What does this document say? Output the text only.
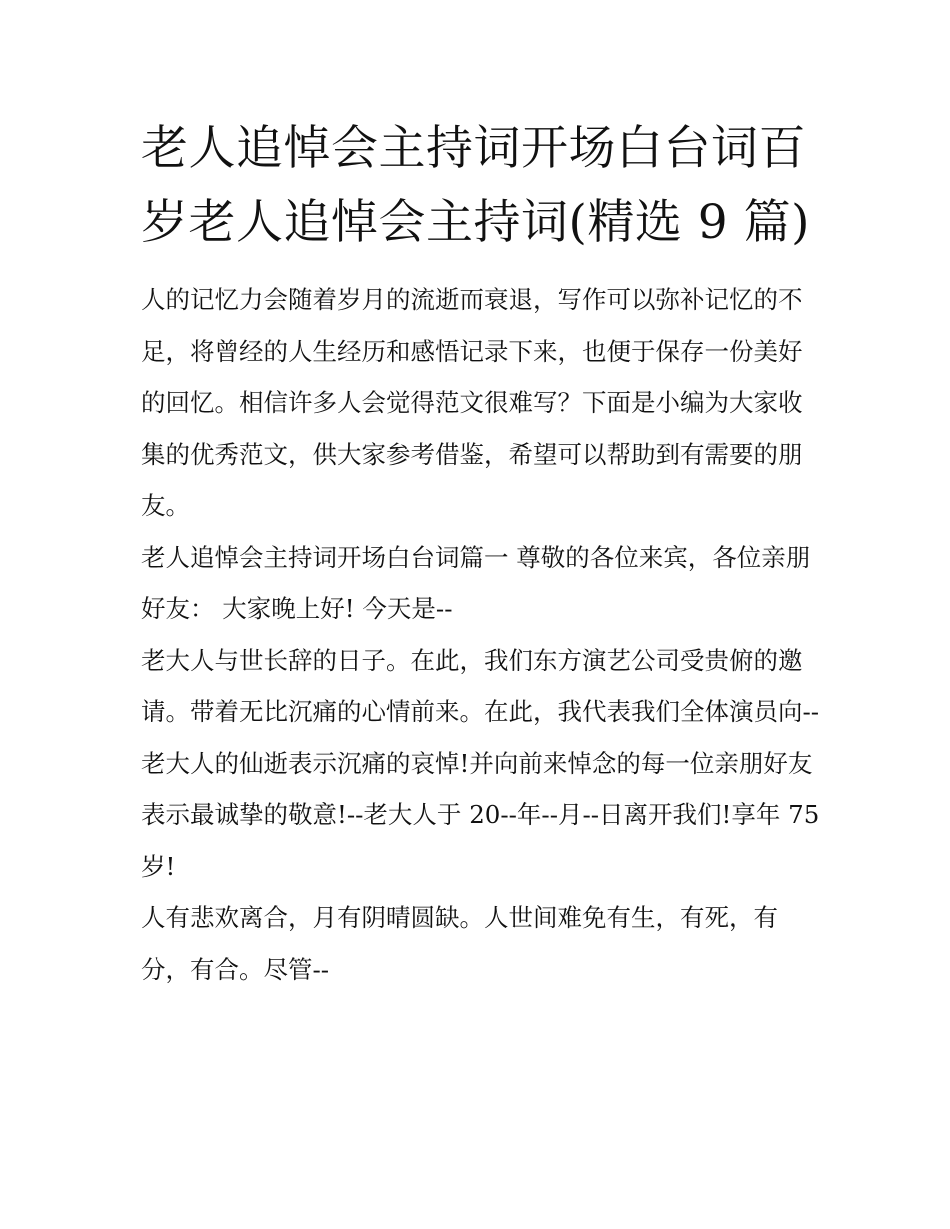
老人追悼会主持词开场白台词百岁老人追悼会主持词(精选 9 篇)

人的记忆力会随着岁月的流逝而衰退，写作可以弥补记忆的不足，将曾经的人生经历和感悟记录下来，也便于保存一份美好的回忆。相信许多人会觉得范文很难写？下面是小编为大家收集的优秀范文，供大家参考借鉴，希望可以帮助到有需要的朋友。

老人追悼会主持词开场白台词篇一 尊敬的各位来宾，各位亲朋好友： 大家晚上好! 今天是--

老大人与世长辞的日子。在此，我们东方演艺公司受贵俯的邀请。带着无比沉痛的心情前来。在此，我代表我们全体演员向--

老大人的仙逝表示沉痛的哀悼!并向前来悼念的每一位亲朋好友表示最诚挚的敬意!--老大人于 20--年--月--日离开我们!享年 75 岁!

人有悲欢离合，月有阴晴圆缺。人世间难免有生，有死，有分，有合。尽管--
